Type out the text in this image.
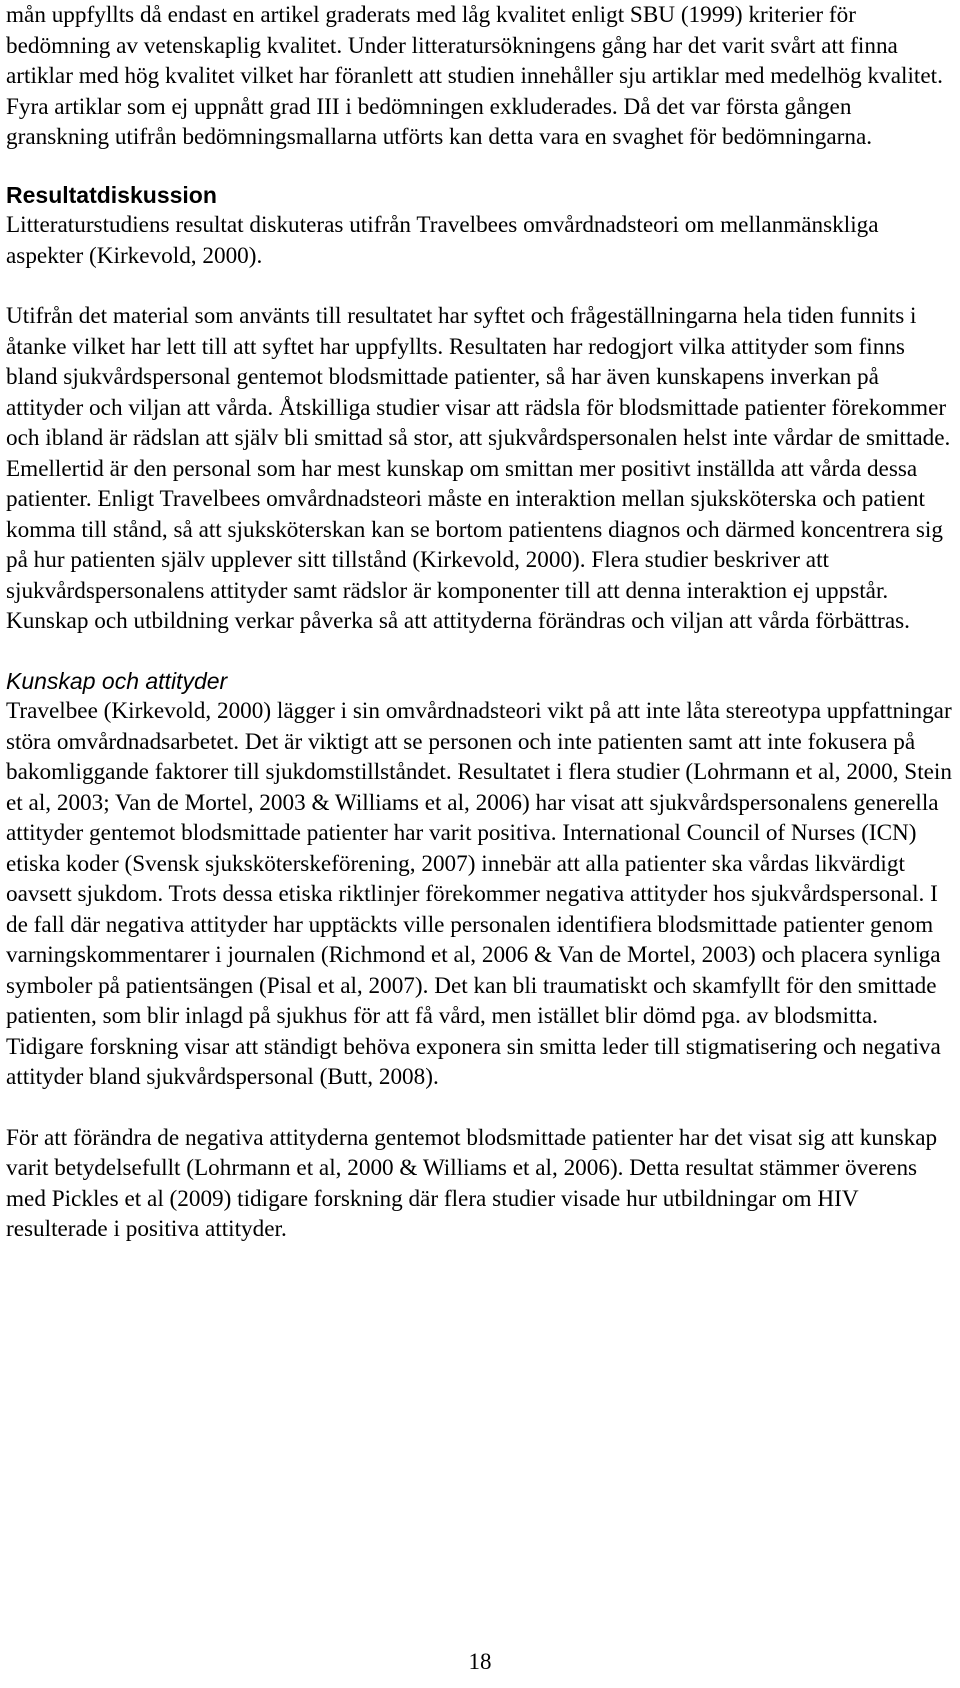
mån uppfyllts då endast en artikel graderats med låg kvalitet enligt SBU (1999) kriterier för bedömning av vetenskaplig kvalitet. Under litteratursökningens gång har det varit svårt att finna artiklar med hög kvalitet vilket har föranlett att studien innehåller sju artiklar med medelhög kvalitet. Fyra artiklar som ej uppnått grad III i bedömningen exkluderades. Då det var första gången granskning utifrån bedömningsmallarna utförts kan detta vara en svaghet för bedömningarna.

Resultatdiskussion

Litteraturstudiens resultat diskuteras utifrån Travelbees omvårdnadsteori om mellanmänskliga aspekter (Kirkevold, 2000).

Utifrån det material som använts till resultatet har syftet och frågeställningarna hela tiden funnits i åtanke vilket har lett till att syftet har uppfyllts. Resultaten har redogjort vilka attityder som finns bland sjukvårdspersonal gentemot blodsmittade patienter, så har även kunskapens inverkan på attityder och viljan att vårda. Åtskilliga studier visar att rädsla för blodsmittade patienter förekommer och ibland är rädslan att själv bli smittad så stor, att sjukvårdspersonalen helst inte vårdar de smittade. Emellertid är den personal som har mest kunskap om smittan mer positivt inställda att vårda dessa patienter. Enligt Travelbees omvårdnadsteori måste en interaktion mellan sjuksköterska och patient komma till stånd, så att sjuksköterskan kan se bortom patientens diagnos och därmed koncentrera sig på hur patienten själv upplever sitt tillstånd (Kirkevold, 2000). Flera studier beskriver att sjukvårdspersonalens attityder samt rädslor är komponenter till att denna interaktion ej uppstår. Kunskap och utbildning verkar påverka så att attityderna förändras och viljan att vårda förbättras.

Kunskap och attityder

Travelbee (Kirkevold, 2000) lägger i sin omvårdnadsteori vikt på att inte låta stereotypa uppfattningar störa omvårdnadsarbetet. Det är viktigt att se personen och inte patienten samt att inte fokusera på bakomliggande faktorer till sjukdomstillståndet. Resultatet i flera studier (Lohrmann et al, 2000, Stein et al, 2003; Van de Mortel, 2003 & Williams et al, 2006) har visat att sjukvårdspersonalens generella attityder gentemot blodsmittade patienter har varit positiva. International Council of Nurses (ICN) etiska koder (Svensk sjuksköterskeförening, 2007) innebär att alla patienter ska vårdas likvärdigt oavsett sjukdom. Trots dessa etiska riktlinjer förekommer negativa attityder hos sjukvårdspersonal. I de fall där negativa attityder har upptäckts ville personalen identifiera blodsmittade patienter genom varningskommentarer i journalen (Richmond et al, 2006 & Van de Mortel, 2003) och placera synliga symboler på patientsängen (Pisal et al, 2007). Det kan bli traumatiskt och skamfyllt för den smittade patienten, som blir inlagd på sjukhus för att få vård, men istället blir dömd pga. av blodsmitta. Tidigare forskning visar att ständigt behöva exponera sin smitta leder till stigmatisering och negativa attityder bland sjukvårdspersonal (Butt, 2008).

För att förändra de negativa attityderna gentemot blodsmittade patienter har det visat sig att kunskap varit betydelsefullt (Lohrmann et al, 2000 & Williams et al, 2006). Detta resultat stämmer överens med Pickles et al (2009) tidigare forskning där flera studier visade hur utbildningar om HIV resulterade i positiva attityder.

18
